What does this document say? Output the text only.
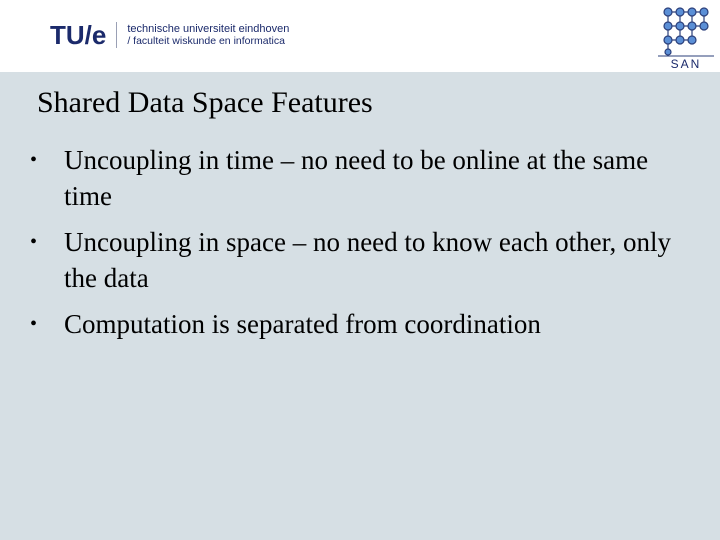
TU/e technische universiteit eindhoven
/ faculteit wiskunde en informatica
SAN
Shared Data Space Features
• Uncoupling in time – no need to be online at the same time
• Uncoupling in space – no need to know each other, only the data
• Computation is separated from coordination
